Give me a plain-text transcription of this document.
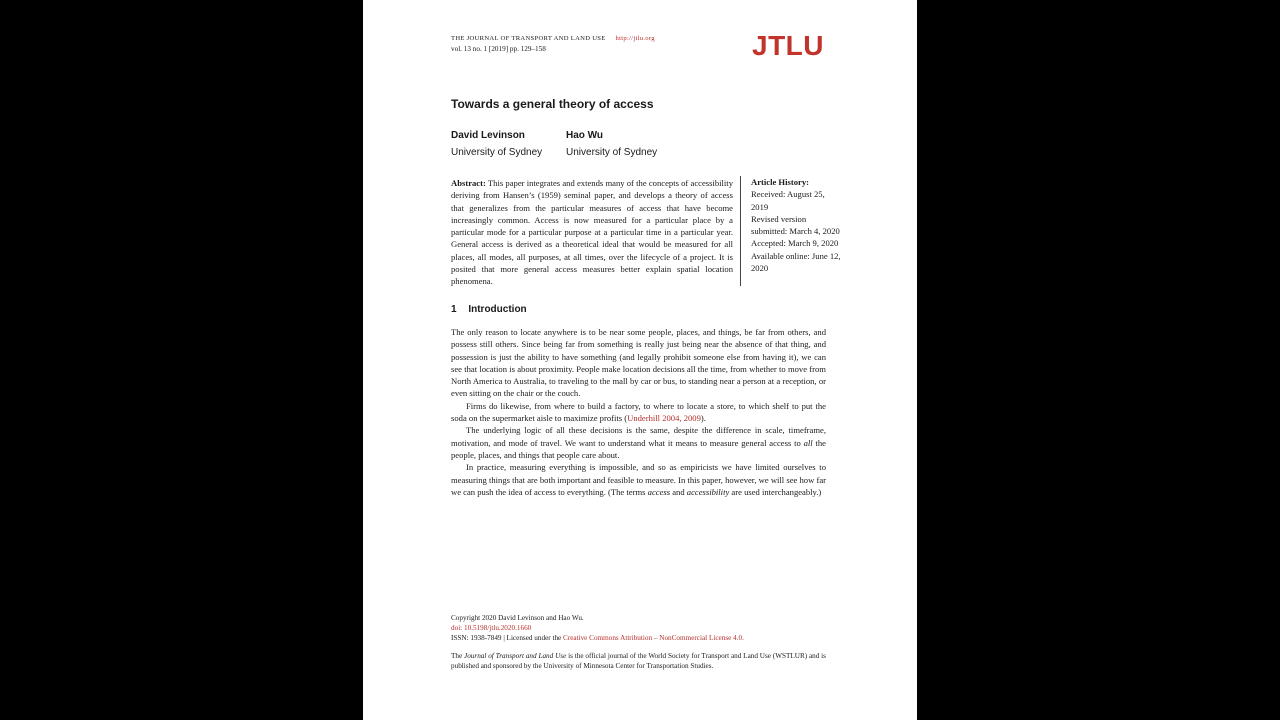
THE JOURNAL OF TRANSPORT AND LAND USE http://jtlu.org
vol. 13 no. 1 [2019] pp. 129–158	JTLU
Towards a general theory of access
David Levinson
University of Sydney
Hao Wu
University of Sydney
Abstract: This paper integrates and extends many of the concepts of accessibility deriving from Hansen’s (1959) seminal paper, and develops a theory of access that generalizes from the particular measures of access that have become increasingly common. Access is now measured for a particular place by a particular mode for a particular purpose at a particular time in a particular year. General access is derived as a theoretical ideal that would be measured for all places, all modes, all purposes, at all times, over the lifecycle of a project. It is posited that more general access measures better explain spatial location phenomena.
Article History:
Received: August 25, 2019
Revised version submitted: March 4, 2020
Accepted: March 9, 2020
Available online: June 12, 2020
1 Introduction

The only reason to locate anywhere is to be near some people, places, and things, be far from others, and possess still others. Since being far from something is really just being near the absence of that thing, and possession is just the ability to have something (and legally prohibit someone else from having it), we can see that location is about proximity. People make location decisions all the time, from whether to move from North America to Australia, to traveling to the mall by car or bus, to standing near a person at a reception, or even sitting on the chair or the couch.

Firms do likewise, from where to build a factory, to where to locate a store, to which shelf to put the soda on the supermarket aisle to maximize profits (Underhill 2004, 2009).

The underlying logic of all these decisions is the same, despite the difference in scale, timeframe, motivation, and mode of travel. We want to understand what it means to measure general access to all the people, places, and things that people care about.

In practice, measuring everything is impossible, and so as empiricists we have limited ourselves to measuring things that are both important and feasible to measure. In this paper, however, we will see how far we can push the idea of access to everything. (The terms access and accessibility are used interchangeably.)

Copyright 2020 David Levinson and Hao Wu.
doi: 10.5198/jtlu.2020.1660
ISSN: 1938-7849 | Licensed under the Creative Commons Attribution – NonCommercial License 4.0.
The Journal of Transport and Land Use is the official journal of the World Society for Transport and Land Use (WSTLUR) and is published and sponsored by the University of Minnesota Center for Transportation Studies.
